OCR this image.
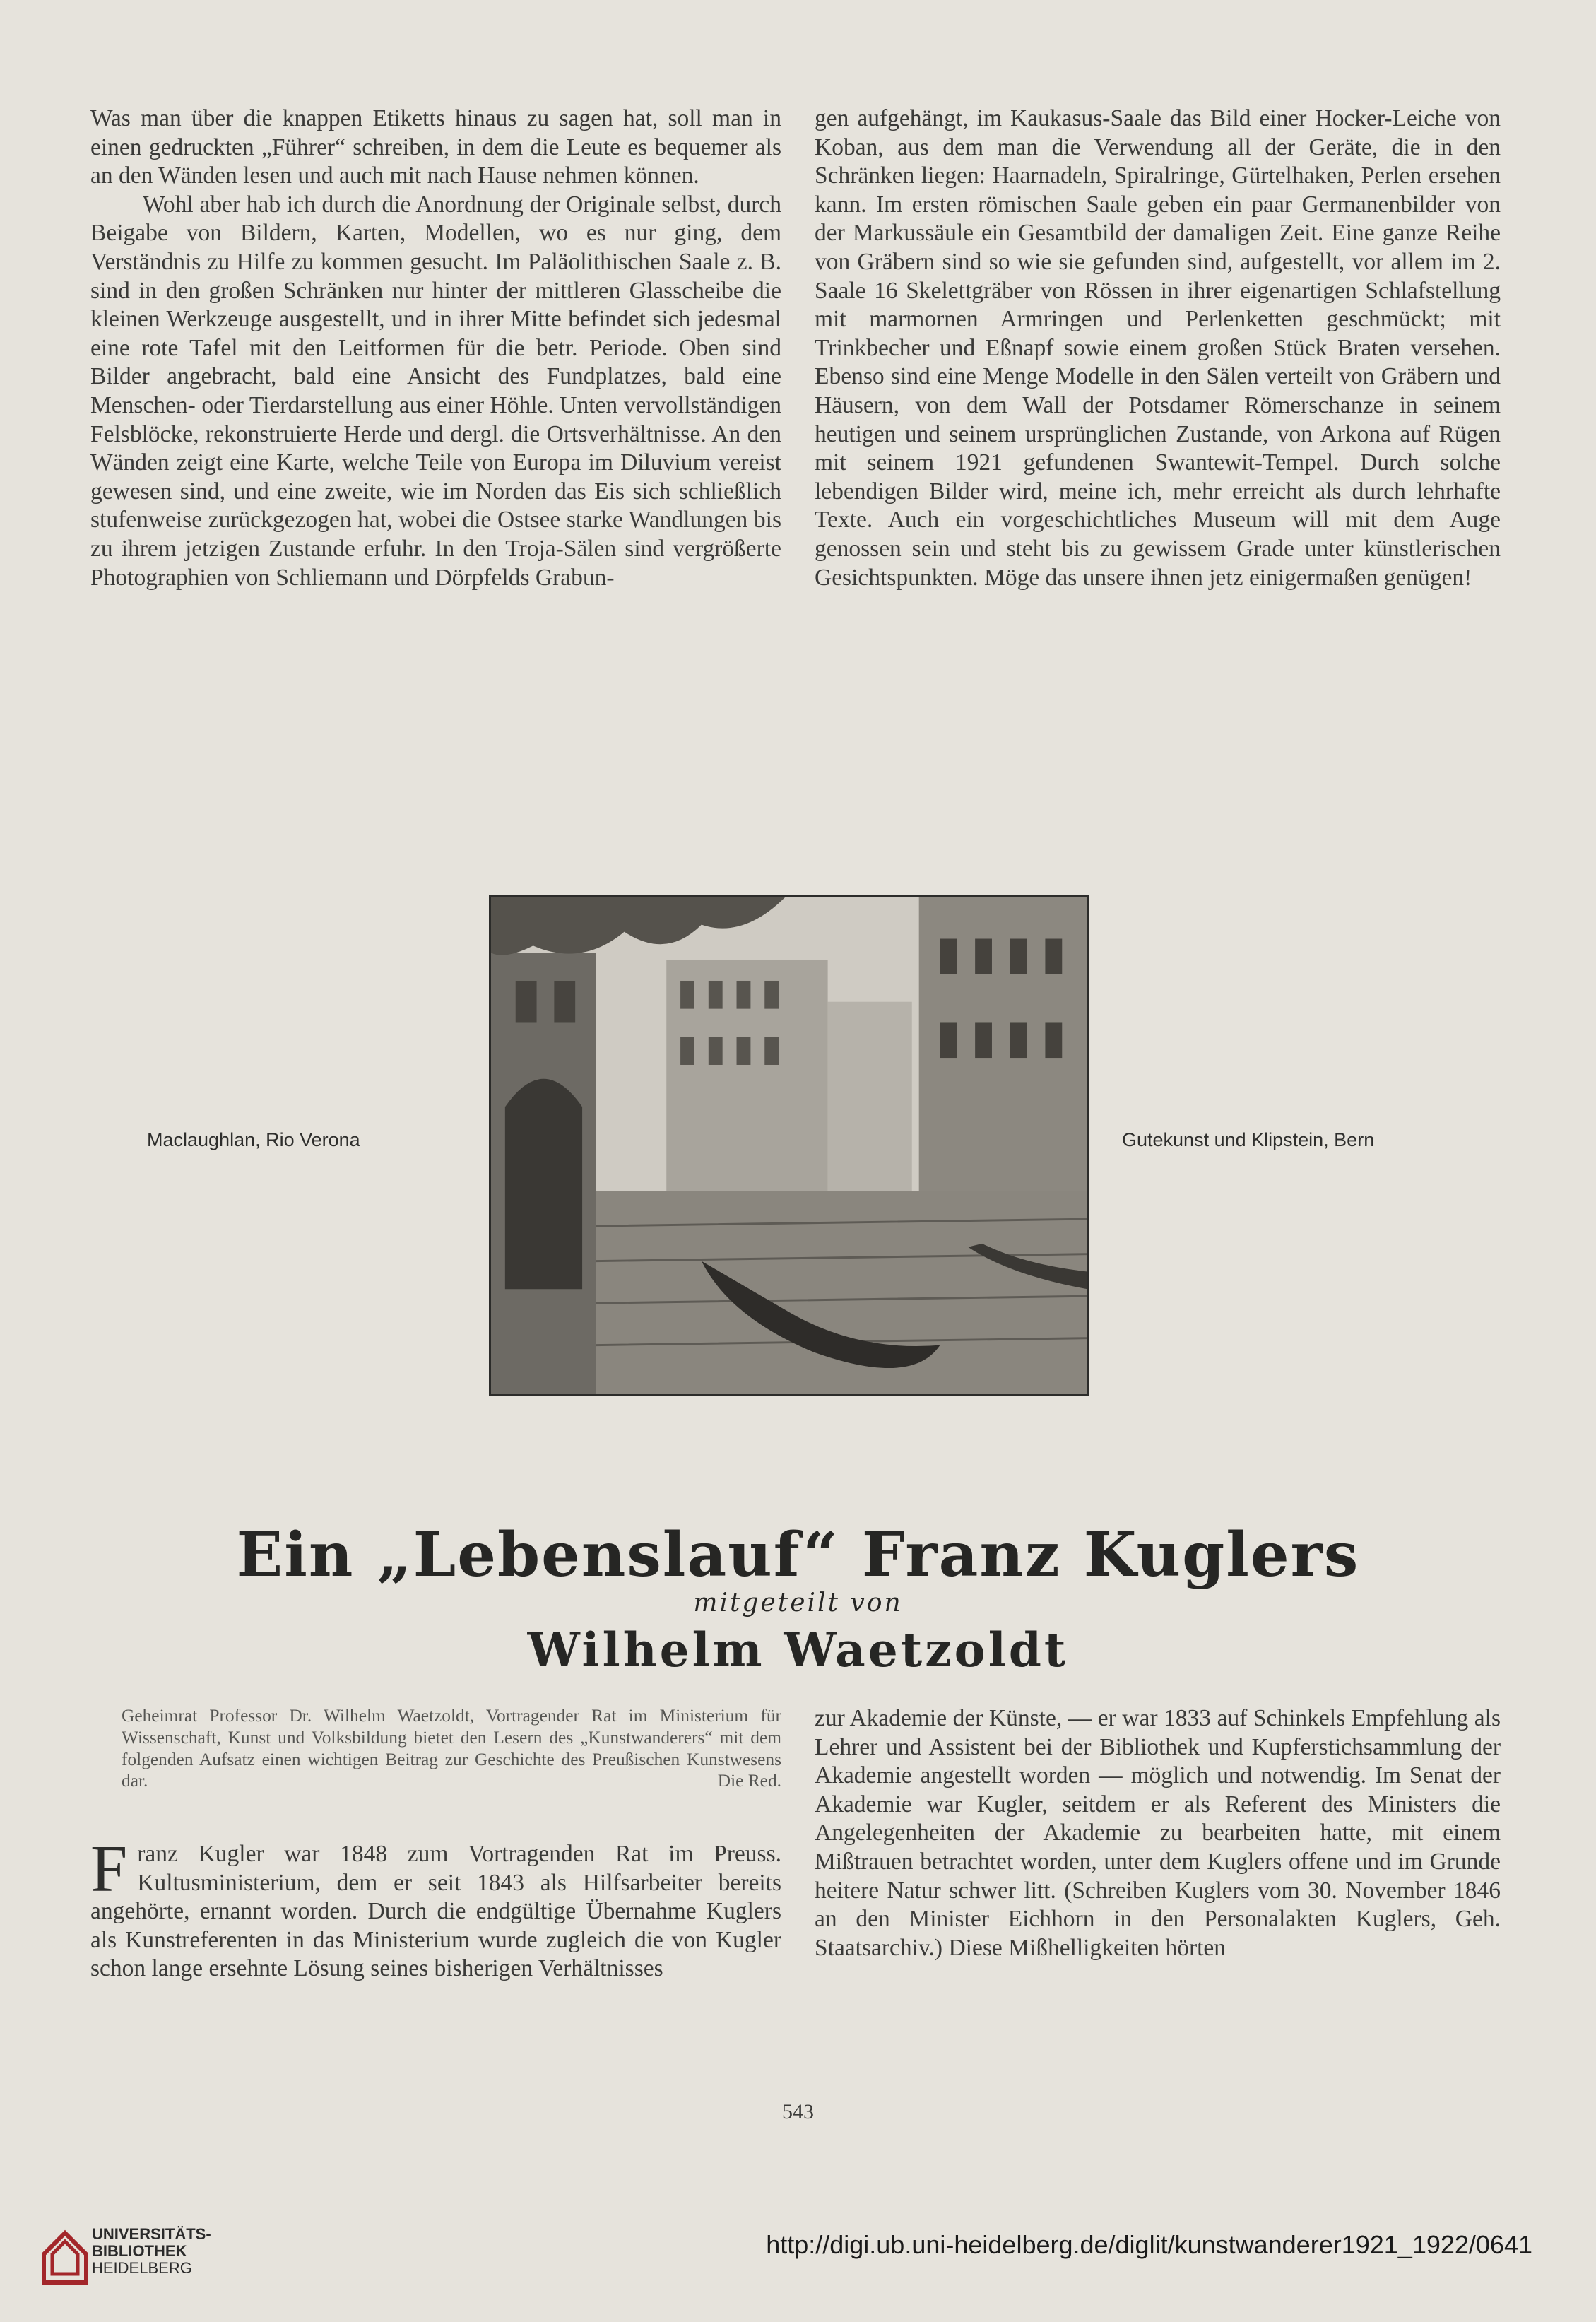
Was man über die knappen Etiketts hinaus zu sagen hat, soll man in einen gedruckten „Führer“ schreiben, in dem die Leute es bequemer als an den Wänden lesen und auch mit nach Hause nehmen können.

Wohl aber hab ich durch die Anordnung der Originale selbst, durch Beigabe von Bildern, Karten, Modellen, wo es nur ging, dem Verständnis zu Hilfe zu kommen gesucht. Im Paläolithischen Saale z. B. sind in den großen Schränken nur hinter der mittleren Glasscheibe die kleinen Werkzeuge ausgestellt, und in ihrer Mitte befindet sich jedesmal eine rote Tafel mit den Leitformen für die betr. Periode. Oben sind Bilder angebracht, bald eine Ansicht des Fundplatzes, bald eine Menschen- oder Tierdarstellung aus einer Höhle. Unten vervollständigen Felsblöcke, rekonstruierte Herde und dergl. die Ortsverhältnisse. An den Wänden zeigt eine Karte, welche Teile von Europa im Diluvium vereist gewesen sind, und eine zweite, wie im Norden das Eis sich schließlich stufenweise zurückgezogen hat, wobei die Ostsee starke Wandlungen bis zu ihrem jetzigen Zustande erfuhr. In den Troja-Sälen sind vergrößerte Photographien von Schliemann und Dörpfelds Grabun-

gen aufgehängt, im Kaukasus-Saale das Bild einer Hocker-Leiche von Koban, aus dem man die Verwendung all der Geräte, die in den Schränken liegen: Haarnadeln, Spiralringe, Gürtelhaken, Perlen ersehen kann. Im ersten römischen Saale geben ein paar Germanenbilder von der Markussäule ein Gesamtbild der damaligen Zeit. Eine ganze Reihe von Gräbern sind so wie sie gefunden sind, aufgestellt, vor allem im 2. Saale 16 Skelettgräber von Rössen in ihrer eigenartigen Schlafstellung mit marmornen Armringen und Perlenketten geschmückt; mit Trinkbecher und Eßnapf sowie einem großen Stück Braten versehen. Ebenso sind eine Menge Modelle in den Sälen verteilt von Gräbern und Häusern, von dem Wall der Potsdamer Römerschanze in seinem heutigen und seinem ursprünglichen Zustande, von Arkona auf Rügen mit seinem 1921 gefundenen Swantewit-Tempel. Durch solche lebendigen Bilder wird, meine ich, mehr erreicht als durch lehrhafte Texte. Auch ein vorgeschichtliches Museum will mit dem Auge genossen sein und steht bis zu gewissem Grade unter künstlerischen Gesichtspunkten. Möge das unsere ihnen jetz einigermaßen genügen!

Maclaughlan, Rio Verona	Gutekunst und Klipstein, Bern
Ein „Lebenslauf“ Franz Kuglers
mitgeteilt von
Wilhelm Waetzoldt
Geheimrat Professor Dr. Wilhelm Waetzoldt, Vortragender Rat im Ministerium für Wissenschaft, Kunst und Volksbildung bietet den Lesern des „Kunstwanderers“ mit dem folgenden Aufsatz einen wichtigen Beitrag zur Geschichte des Preußischen Kunstwesens dar.	Die Red.

Franz Kugler war 1848 zum Vortragenden Rat im Preuss. Kultusministerium, dem er seit 1843 als Hilfsarbeiter bereits angehörte, ernannt worden. Durch die endgültige Übernahme Kuglers als Kunstreferenten in das Ministerium wurde zugleich die von Kugler schon lange ersehnte Lösung seines bisherigen Verhältnisses

zur Akademie der Künste, — er war 1833 auf Schinkels Empfehlung als Lehrer und Assistent bei der Bibliothek und Kupferstichsammlung der Akademie angestellt worden — möglich und notwendig. Im Senat der Akademie war Kugler, seitdem er als Referent des Ministers die Angelegenheiten der Akademie zu bearbeiten hatte, mit einem Mißtrauen betrachtet worden, unter dem Kuglers offene und im Grunde heitere Natur schwer litt. (Schreiben Kuglers vom 30. November 1846 an den Minister Eichhorn in den Personalakten Kuglers, Geh. Staatsarchiv.) Diese Mißhelligkeiten hörten

543
UNIVERSITÄTS-
BIBLIOTHEK
HEIDELBERG
http://digi.ub.uni-heidelberg.de/diglit/kunstwanderer1921_1922/0641
